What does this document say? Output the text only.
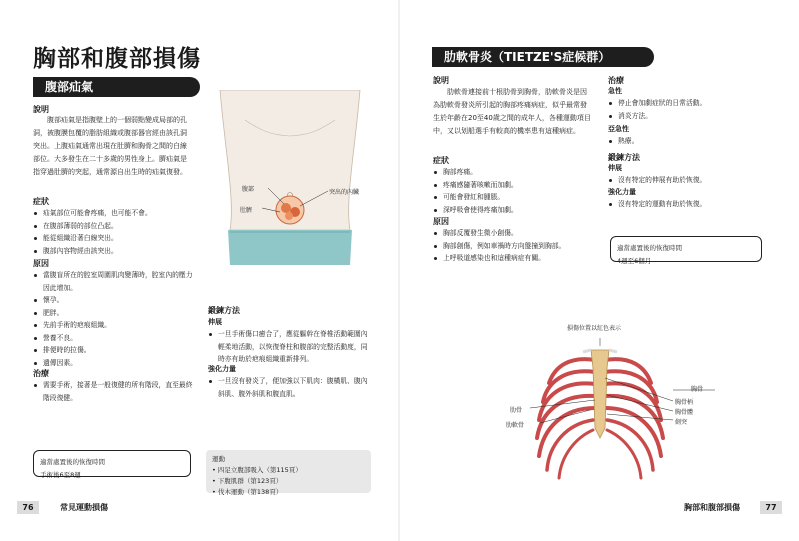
胸部和腹部損傷
腹部疝氣
說明
腹部疝氣是指腹壁上的一個弱點變成局部的孔洞，被腹膜包覆的脂肪組織或腹部器官經由該孔洞突出。上腹疝氣通常出現在肚臍和胸骨之間的白線部位。大多發生在二十多歲的男性身上。臍疝氣是指穿過肚臍的突起，通常源自出生時的疝氣復發。
症狀
疝氣部位可能會疼痛，也可能不會。
在腹部薄弱的部位凸起。
能從組織沿著白線突出。
腹部內容物經由該突出。
原因
當腹盲所在的腔室周圍肌肉變薄時，腔室內的壓力因此增加。
懷孕。
肥胖。
先前手術的疤痕組織。
營養不良。
排便時的拉傷。
遺傳因素。
治療
需要手術，接著是一般復健的所有階段，直至最終階段復健。
腹部
肚臍
突出的內臟
鍛鍊方法
伸展
一旦手術傷口癒合了，應從軀幹在脊椎活動範圍內輕柔地活動，以恢復脊柱和腹部的完整活動度，同時亦有助於疤痕組織重新排列。
強化力量
一旦沒有發炎了，便加強以下肌肉：腹橫肌、腹內斜肌、腹外斜肌和腹直肌。
適當處置後的恢復時間
手術後6至8週
運動
• 四足立腹部吸入（第115頁）
• 下腹肌群（第123頁）
• 伐木運動（第138頁）
76	常見運動損傷
肋軟骨炎（TIETZE'S症候群）
說明
肋軟骨連接前十根肋骨到胸骨，肋軟骨炎是因為肋軟骨發炎所引起的胸部疼痛病症，似乎最常發生於年齡在20至40歲之間的成年人，各種運動項目中，又以划船選手有較高的機率患有這種病症。
症狀
胸部疼痛。
疼痛感隨著咳嗽而加劇。
可能會發紅和腫脹。
深呼吸會使得疼痛加劇。
原因
胸部反覆發生微小創傷。
胸部創傷，例如車禍時方向盤撞到胸部。
上呼吸道感染也和這種病症有關。
治療
急性
停止會加劇症狀的日常活動。
消炎方法。
亞急性
熱療。
鍛鍊方法
伸展
沒有特定的伸展有助於恢復。
強化力量
沒有特定的運動有助於恢復。
適當處置後的恢復時間
4週至6個月
損傷位置以紅色表示
胸骨
胸骨柄
胸骨體
劍突
肋骨
肋軟骨
胸部和腹部損傷	77
